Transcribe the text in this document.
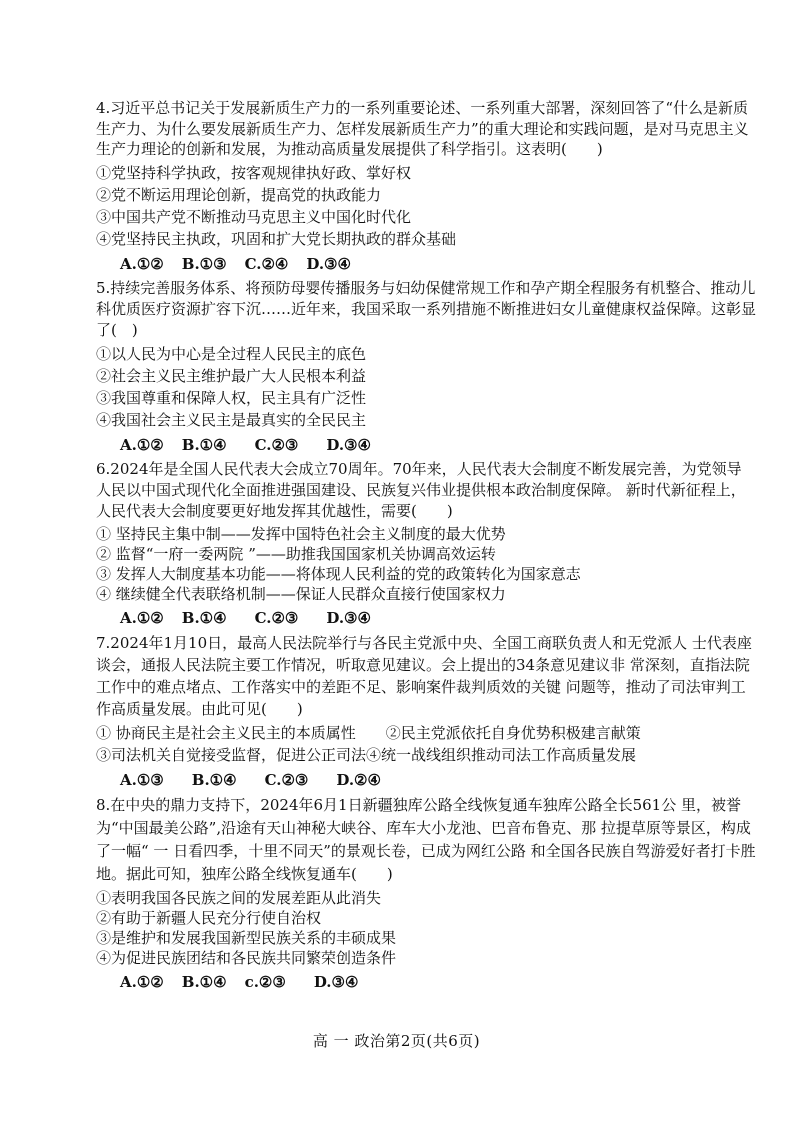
4.习近平总书记关于发展新质生产力的一系列重要论述、一系列重大部署，深刻回答了“什么是新质生产力、为什么要发展新质生产力、怎样发展新质生产力”的重大理论和实践问题，是对马克思主义生产力理论的创新和发展，为推动高质量发展提供了科学指引。这表明(　　)

①党坚持科学执政，按客观规律执好政、掌好权

②党不断运用理论创新，提高党的执政能力

③中国共产党不断推动马克思主义中国化时代化

④党坚持民主执政，巩固和扩大党长期执政的群众基础

A.①② B.①③ C.②④ D.③④

5.持续完善服务体系、将预防母婴传播服务与妇幼保健常规工作和孕产期全程服务有机整合、推动儿科优质医疗资源扩容下沉……近年来，我国采取一系列措施不断推进妇女儿童健康权益保障。这彰显了(　)

①以人民为中心是全过程人民民主的底色

②社会主义民主维护最广大人民根本利益

③我国尊重和保障人权，民主具有广泛性

④我国社会主义民主是最真实的全民民主

A.①② B.①④ C.②③ D.③④

6.2024年是全国人民代表大会成立70周年。70年来，人民代表大会制度不断发展完善，为党领导人民以中国式现代化全面推进强国建设、民族复兴伟业提供根本政治制度保障。 新时代新征程上，人民代表大会制度要更好地发挥其优越性，需要(　　)

① 坚持民主集中制——发挥中国特色社会主义制度的最大优势

② 监督“一府一委两院 ”——助推我国国家机关协调高效运转

③ 发挥人大制度基本功能——将体现人民利益的党的政策转化为国家意志

④ 继续健全代表联络机制——保证人民群众直接行使国家权力

A.①② B.①④ C.②③ D.③④

7.2024年1月10日，最高人民法院举行与各民主党派中央、全国工商联负责人和无党派人 士代表座谈会，通报人民法院主要工作情况，听取意见建议。会上提出的34条意见建议非 常深刻，直指法院工作中的难点堵点、工作落实中的差距不足、影响案件裁判质效的关键 问题等，推动了司法审判工作高质量发展。由此可见(　　)

① 协商民主是社会主义民主的本质属性　　②民主党派依托自身优势积极建言献策

③司法机关自觉接受监督，促进公正司法④统一战线组织推动司法工作高质量发展

A.①③ B.①④ C.②③ D.②④

8.在中央的鼎力支持下，2024年6月1日新疆独库公路全线恢复通车独库公路全长561公 里，被誉为“中国最美公路”,沿途有天山神秘大峡谷、库车大小龙池、巴音布鲁克、那 拉提草原等景区，构成了一幅“ 一 日看四季，十里不同天”的景观长卷，已成为网红公路 和全国各民族自驾游爱好者打卡胜地。据此可知，独库公路全线恢复通车(　　)

①表明我国各民族之间的发展差距从此消失

②有助于新疆人民充分行使自治权

③是维护和发展我国新型民族关系的丰硕成果

④为促进民族团结和各民族共同繁荣创造条件

A.①② B.①④ c.②③ D.③④
高 一 政治第2页(共6页)
